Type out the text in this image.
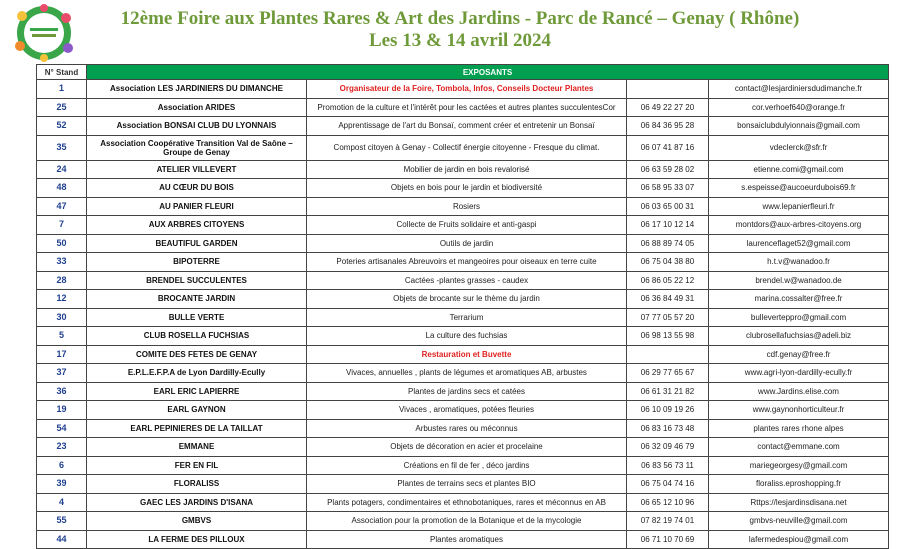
12ème Foire aux Plantes Rares & Art des Jardins - Parc de Rancé – Genay ( Rhône)
Les 13 & 14 avril 2024
N° Stand	EXPOSANTS			
1	Association LES JARDINIERS DU DIMANCHE	Organisateur de la Foire, Tombola, Infos, Conseils Docteur Plantes		contact@lesjardiniersdudimanche.fr
25	Association ARIDES	Promotion de la culture et l'intérêt pour les cactées et autres plantes succulentesCor	06 49 22 27 20	cor.verhoef640@orange.fr
52	Association BONSAI CLUB DU LYONNAIS	Apprentissage de l'art du Bonsaï, comment créer et entretenir un Bonsaï	06 84 36 95 28	bonsaiclubdulyionnais@gmail.com
35	Association Coopérative Transition Val de Saône – Groupe de Genay	Compost citoyen à Genay - Collectif énergie citoyenne - Fresque du climat.	06 07 41 87 16	vdeclerck@sfr.fr
24	ATELIER VILLEVERT	Mobilier de jardin en bois revalorisé	06 63 59 28 02	etienne.comi@gmail.com
48	AU CŒUR DU BOIS	Objets en bois pour le jardin et biodiversité	06 58 95 33 07	s.espeisse@aucoeurdubois69.fr
47	AU PANIER FLEURI	Rosiers	06 03 65 00 31	www.lepanierfleuri.fr
7	AUX ARBRES CITOYENS	Collecte de Fruits solidaire et anti-gaspi	06 17 10 12 14	montdors@aux-arbres-citoyens.org
50	BEAUTIFUL GARDEN	Outils de jardin	06 88 89 74 05	laurenceflaget52@gmail.com
33	BIPOTERRE	Poteries artisanales Abreuvoirs et mangeoires pour oiseaux en terre cuite	06 75 04 38 80	h.t.v@wanadoo.fr
28	BRENDEL SUCCULENTES	Cactées -plantes grasses - caudex	06 86 05 22 12	brendel.w@wanadoo.de
12	BROCANTE JARDIN	Objets de brocante sur le thème du jardin	06 36 84 49 31	marina.cossalter@free.fr
30	BULLE VERTE	Terrarium	07 77 05 57 20	bulleverteppro@gmail.com
5	CLUB ROSELLA FUCHSIAS	La culture des fuchsias	06 98 13 55 98	clubrosellafuchsias@adeli.biz
17	COMITE DES FETES DE GENAY	Restauration et Buvette		cdf.genay@free.fr
37	E.P.L.E.F.P.A de Lyon Dardilly-Ecully	Vivaces, annuelles , plants de légumes et aromatiques AB, arbustes	06 29 77 65 67	www.agri-lyon-dardilly-ecully.fr
36	EARL ERIC LAPIERRE	Plantes de jardins secs et catées	06 61 31 21 82	www.Jardins.elise.com
19	EARL GAYNON	Vivaces , aromatiques, potées fleuries	06 10 09 19 26	www.gaynonhorticulteur.fr
54	EARL PEPINIERES DE LA TAILLAT	Arbustes rares ou méconnus	06 83 16 73 48	plantes rares rhone alpes
23	EMMANE	Objets de décoration en acier et procelaine	06 32 09 46 79	contact@emmane.com
6	FER EN FIL	Créations en fil de fer , déco jardins	06 83 56 73 11	mariegeorgesy@gmail.com
39	FLORALISS	Plantes de terrains secs et plantes BIO	06 75 04 74 16	floraliss.eproshopping.fr
4	GAEC LES JARDINS D'ISANA	Plants potagers, condimentaires et ethnobotaniques, rares et méconnus en AB	06 65 12 10 96	Rttps://lesjardinsdisana.net
55	GMBVS	Association pour la promotion de la Botanique et de la mycologie	07 82 19 74 01	gmbvs-neuville@gmail.com
44	LA FERME DES PILLOUX	Plantes aromatiques	06 71 10 70 69	lafermedespiou@gmail.com
